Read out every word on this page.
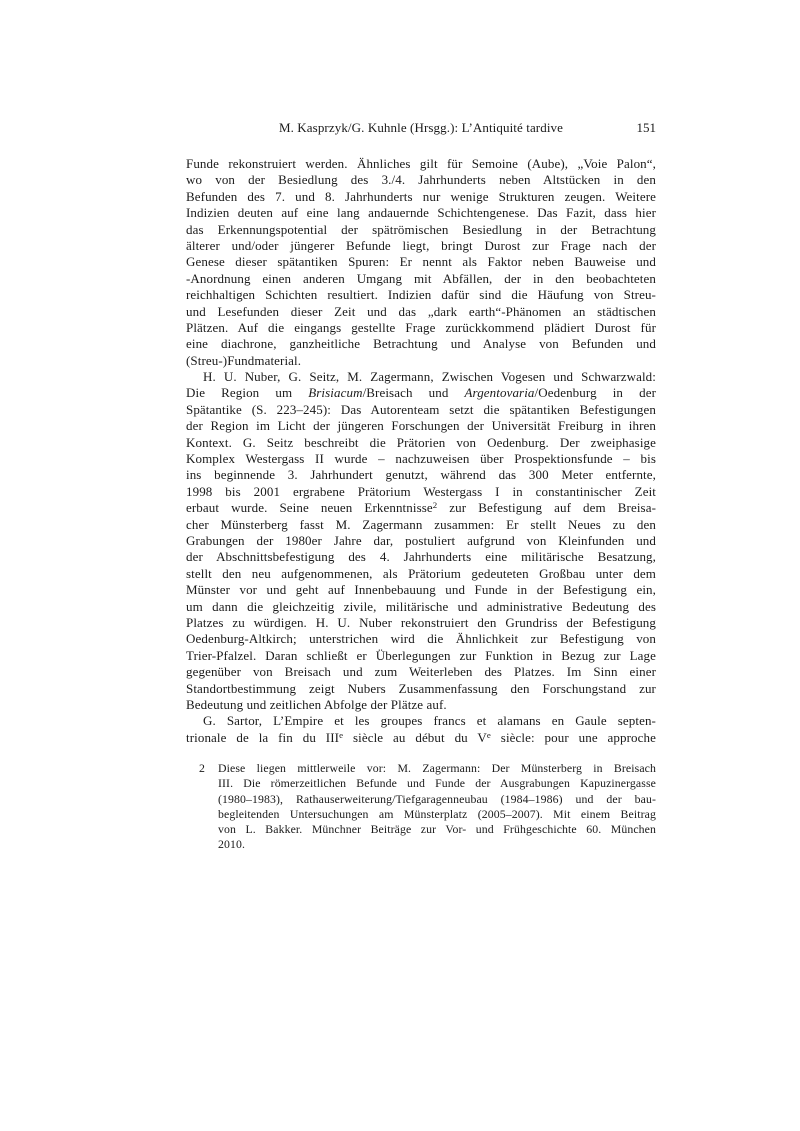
M. Kasprzyk/G. Kuhnle (Hrsgg.): L’Antiquité tardive	151
Funde rekonstruiert werden. Ähnliches gilt für Semoine (Aube), „Voie Palon“,
wo von der Besiedlung des 3./4. Jahrhunderts neben Altstücken in den
Befunden des 7. und 8. Jahrhunderts nur wenige Strukturen zeugen. Weitere
Indizien deuten auf eine lang andauernde Schichtengenese. Das Fazit, dass hier
das Erkennungspotential der spätrömischen Besiedlung in der Betrachtung
älterer und/oder jüngerer Befunde liegt, bringt Durost zur Frage nach der
Genese dieser spätantiken Spuren: Er nennt als Faktor neben Bauweise und
-Anordnung einen anderen Umgang mit Abfällen, der in den beobachteten
reichhaltigen Schichten resultiert. Indizien dafür sind die Häufung von Streu-
und Lesefunden dieser Zeit und das „dark earth“-Phänomen an städtischen
Plätzen. Auf die eingangs gestellte Frage zurückkommend plädiert Durost für
eine diachrone, ganzheitliche Betrachtung und Analyse von Befunden und
(Streu-)Fundmaterial.
H. U. Nuber, G. Seitz, M. Zagermann, Zwischen Vogesen und Schwarzwald:
Die Region um Brisiacum/Breisach und Argentovaria/Oedenburg in der
Spätantike (S. 223–245): Das Autorenteam setzt die spätantiken Befestigungen
der Region im Licht der jüngeren Forschungen der Universität Freiburg in ihren
Kontext. G. Seitz beschreibt die Prätorien von Oedenburg. Der zweiphasige
Komplex Westergass II wurde – nachzuweisen über Prospektionsfunde – bis
ins beginnende 3. Jahrhundert genutzt, während das 300 Meter entfernte,
1998 bis 2001 ergrabene Prätorium Westergass I in constantinischer Zeit
erbaut wurde. Seine neuen Erkenntnisse$^2$ zur Befestigung auf dem Breisa-
cher Münsterberg fasst M. Zagermann zusammen: Er stellt Neues zu den
Grabungen der 1980er Jahre dar, postuliert aufgrund von Kleinfunden und
der Abschnittsbefestigung des 4. Jahrhunderts eine militärische Besatzung,
stellt den neu aufgenommenen, als Prätorium gedeuteten Großbau unter dem
Münster vor und geht auf Innenbebauung und Funde in der Befestigung ein,
um dann die gleichzeitig zivile, militärische und administrative Bedeutung des
Platzes zu würdigen. H. U. Nuber rekonstruiert den Grundriss der Befestigung
Oedenburg-Altkirch; unterstrichen wird die Ähnlichkeit zur Befestigung von
Trier-Pfalzel. Daran schließt er Überlegungen zur Funktion in Bezug zur Lage
gegenüber von Breisach und zum Weiterleben des Platzes. Im Sinn einer
Standortbestimmung zeigt Nubers Zusammenfassung den Forschungstand zur
Bedeutung und zeitlichen Abfolge der Plätze auf.
G. Sartor, L’Empire et les groupes francs et alamans en Gaule septen-
trionale de la fin du IIIe siècle au début du Ve siècle: pour une approche
2 Diese liegen mittlerweile vor: M. Zagermann: Der Münsterberg in Breisach
III. Die römerzeitlichen Befunde und Funde der Ausgrabungen Kapuzinergasse
(1980–1983), Rathauserweiterung/Tiefgaragenneubau (1984–1986) und der bau-
begleitenden Untersuchungen am Münsterplatz (2005–2007). Mit einem Beitrag
von L. Bakker. Münchner Beiträge zur Vor- und Frühgeschichte 60. München
2010.
